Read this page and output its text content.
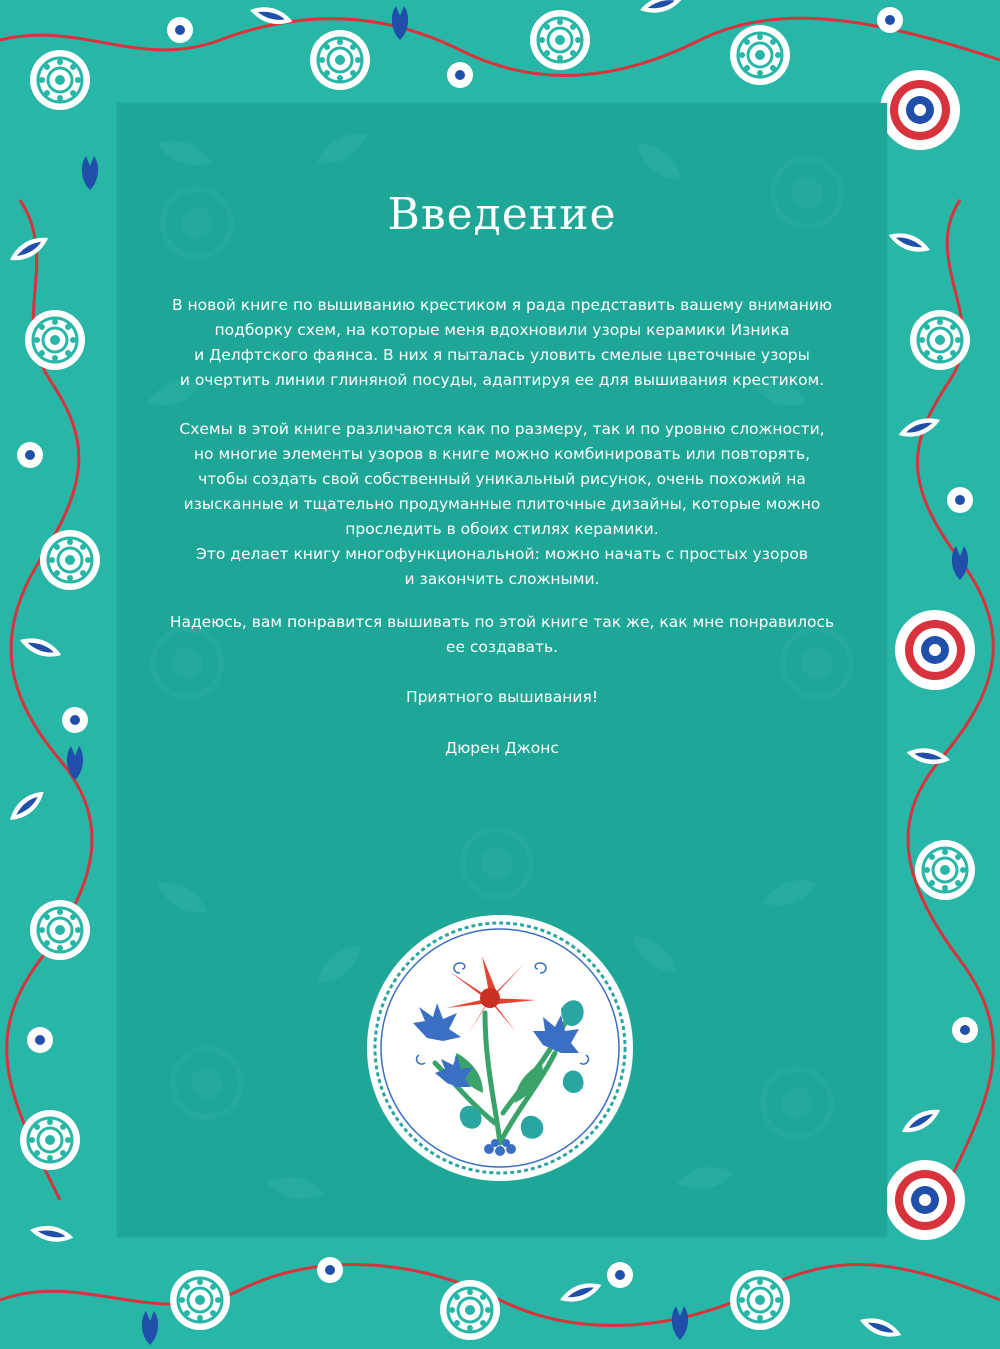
Введение
В новой книге по вышиванию крестиком я рада представить вашему вниманию
подборку схем, на которые меня вдохновили узоры керамики Изника
и Делфтского фаянса. В них я пыталась уловить смелые цветочные узоры
и очертить линии глиняной посуды, адаптируя ее для вышивания крестиком.
Схемы в этой книге различаются как по размеру, так и по уровню сложности,
но многие элементы узоров в книге можно комбинировать или повторять,
чтобы создать свой собственный уникальный рисунок, очень похожий на
изысканные и тщательно продуманные плиточные дизайны, которые можно
проследить в обоих стилях керамики.
Это делает книгу многофункциональной: можно начать с простых узоров
и закончить сложными.
Надеюсь, вам понравится вышивать по этой книге так же, как мне понравилось
ее создавать.
Приятного вышивания!
Дюрен Джонс
